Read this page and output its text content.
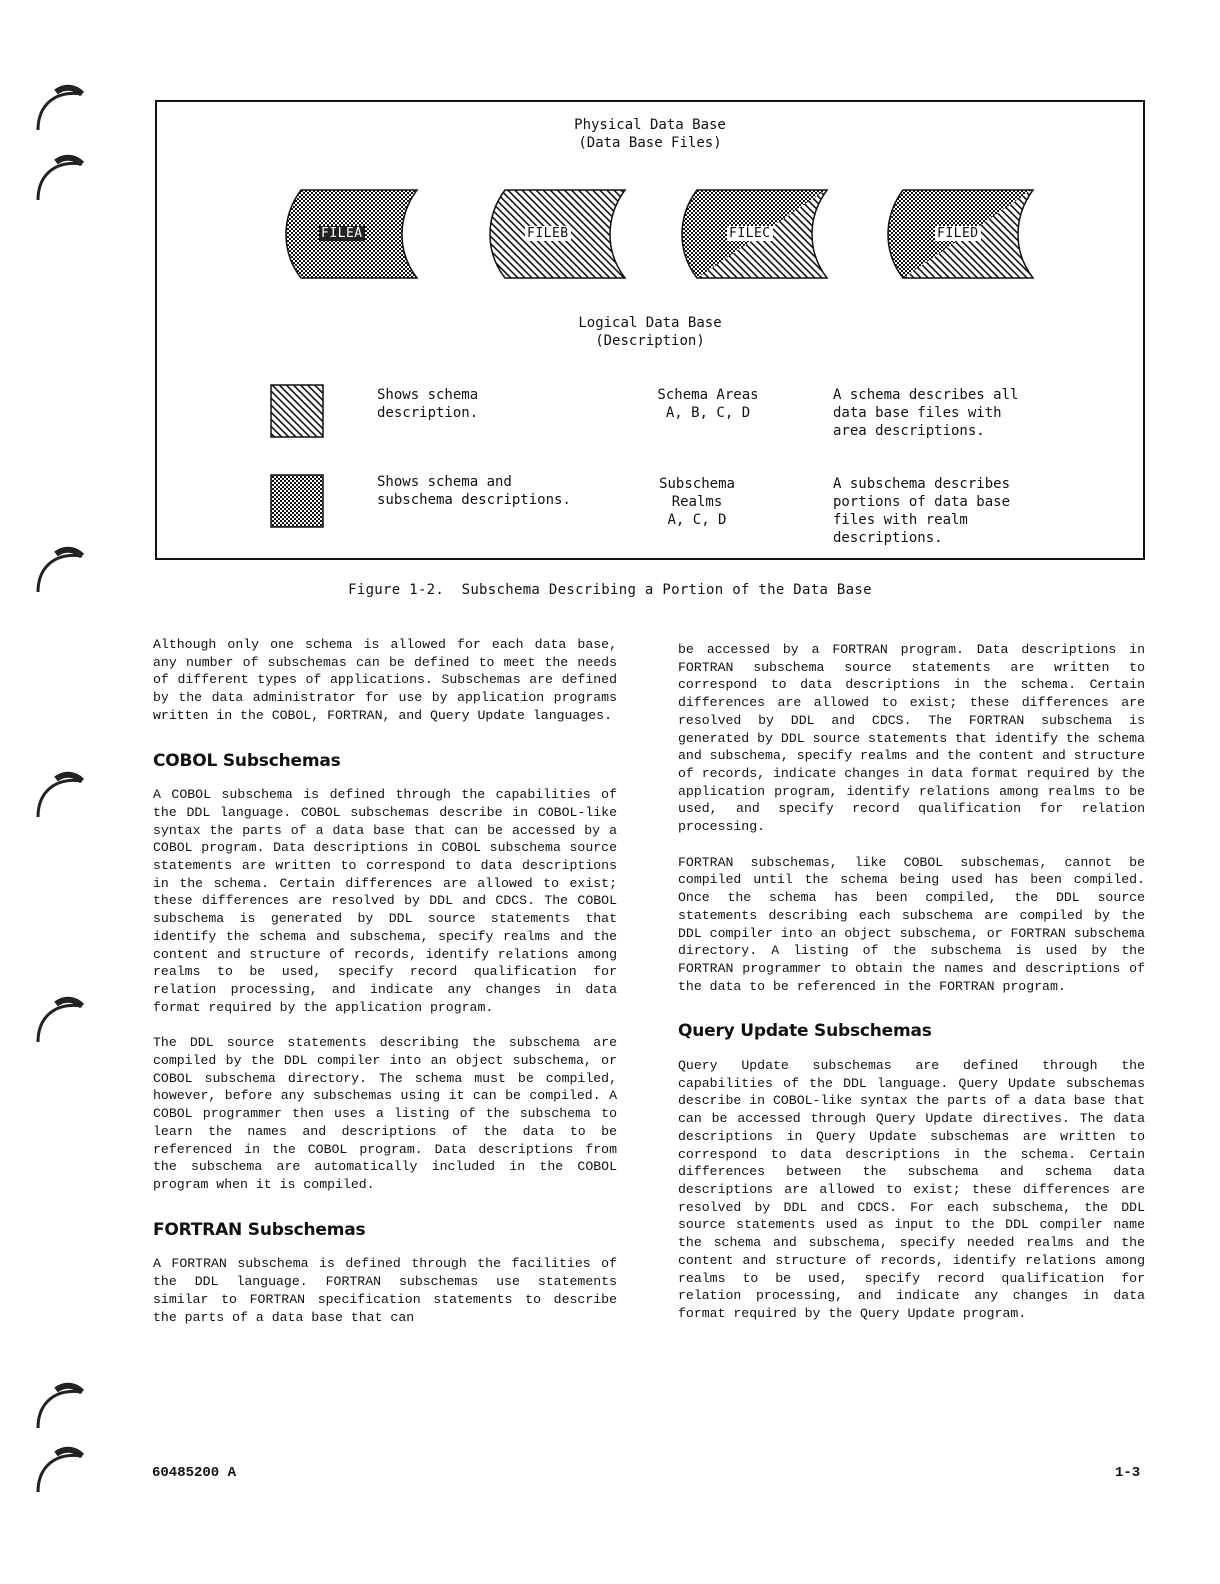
Physical Data Base
(Data Base Files)
FILEA	FILEB	FILEC	FILED
Logical Data Base
(Description)
Shows schema
description.
Schema Areas
A, B, C, D
A schema describes all
data base files with
area descriptions.
Shows schema and
subschema descriptions.
Subschema
Realms
A, C, D
A subschema describes
portions of data base
files with realm
descriptions.
Figure 1-2.  Subschema Describing a Portion of the Data Base

Although only one schema is allowed for each data base, any number of subschemas can be defined to meet the needs of different types of applications. Subschemas are defined by the data administrator for use by application programs written in the COBOL, FORTRAN, and Query Update languages.

COBOL Subschemas

A COBOL subschema is defined through the capabilities of the DDL language. COBOL subschemas describe in COBOL-like syntax the parts of a data base that can be accessed by a COBOL program. Data descriptions in COBOL subschema source statements are written to correspond to data descriptions in the schema. Certain differences are allowed to exist; these differences are resolved by DDL and CDCS. The COBOL subschema is generated by DDL source statements that identify the schema and subschema, specify realms and the content and structure of records, identify relations among realms to be used, specify record qualification for relation processing, and indicate any changes in data format required by the application program.

The DDL source statements describing the subschema are compiled by the DDL compiler into an object subschema, or COBOL subschema directory. The schema must be compiled, however, before any subschemas using it can be compiled. A COBOL programmer then uses a listing of the subschema to learn the names and descriptions of the data to be referenced in the COBOL program. Data descriptions from the subschema are automatically included in the COBOL program when it is compiled.

FORTRAN Subschemas

A FORTRAN subschema is defined through the facilities of the DDL language. FORTRAN subschemas use statements similar to FORTRAN specification statements to describe the parts of a data base that can

be accessed by a FORTRAN program. Data descriptions in FORTRAN subschema source statements are written to correspond to data descriptions in the schema. Certain differences are allowed to exist; these differences are resolved by DDL and CDCS. The FORTRAN subschema is generated by DDL source statements that identify the schema and subschema, specify realms and the content and structure of records, indicate changes in data format required by the application program, identify relations among realms to be used, and specify record qualification for relation processing.

FORTRAN subschemas, like COBOL subschemas, cannot be compiled until the schema being used has been compiled. Once the schema has been compiled, the DDL source statements describing each subschema are compiled by the DDL compiler into an object subschema, or FORTRAN subschema directory. A listing of the subschema is used by the FORTRAN programmer to obtain the names and descriptions of the data to be referenced in the FORTRAN program.

Query Update Subschemas

Query Update subschemas are defined through the capabilities of the DDL language. Query Update subschemas describe in COBOL-like syntax the parts of a data base that can be accessed through Query Update directives. The data descriptions in Query Update subschemas are written to correspond to data descriptions in the schema. Certain differences between the subschema and schema data descriptions are allowed to exist; these differences are resolved by DDL and CDCS. For each subschema, the DDL source statements used as input to the DDL compiler name the schema and subschema, specify needed realms and the content and structure of records, identify relations among realms to be used, specify record qualification for relation processing, and indicate any changes in data format required by the Query Update program.

60485200 A	1-3
